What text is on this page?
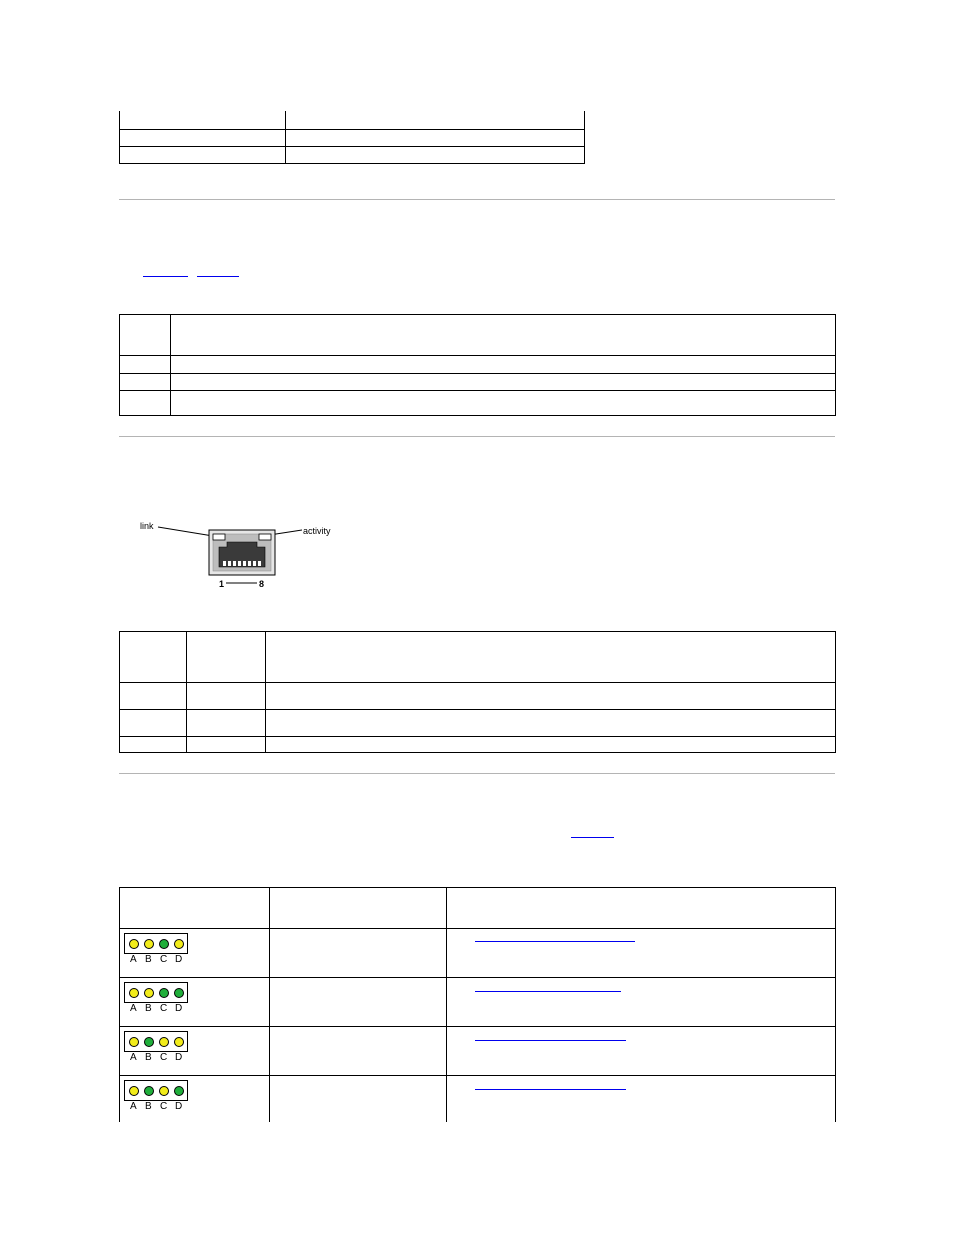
link	activity
1	8

A B C D		

A B C D		

A B C D		

A B C D		
